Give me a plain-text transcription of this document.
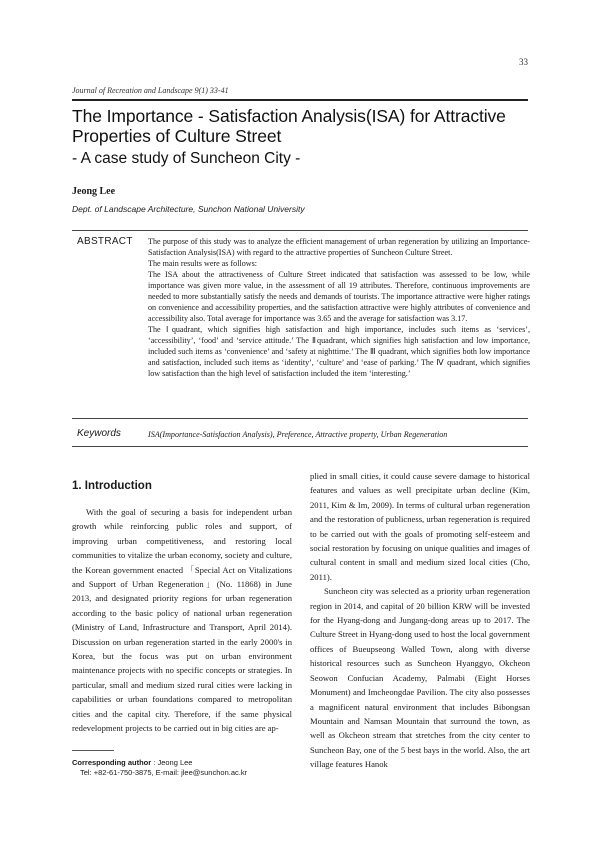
33
Journal of Recreation and Landscape 9(1) 33-41
The Importance - Satisfaction Analysis(ISA) for Attractive Properties of Culture Street
- A case study of Suncheon City -
Jeong Lee
Dept. of Landscape Architecture, Sunchon National University
ABSTRACT The purpose of this study was to analyze the efficient management of urban regeneration by utilizing an Importance-Satisfaction Analysis(ISA) with regard to the attractive properties of Suncheon Culture Street.

The main results were as follows:

The ISA about the attractiveness of Culture Street indicated that satisfaction was assessed to be low, while importance was given more value, in the assessment of all 19 attributes. Therefore, continuous improvements are needed to more substantially satisfy the needs and demands of tourists. The importance attractive were higher ratings on convenience and accessibility properties, and the satisfaction attractive were highly attributes of convenience and accessibility also. Total average for importance was 3.65 and the average for satisfaction was 3.17.

The Ⅰquadrant, which signifies high satisfaction and high importance, includes such items as ‘services’, ‘accessibility’, ‘food’ and ‘service attitude.’ The Ⅱquadrant, which signifies high satisfaction and low importance, included such items as ‘convenience’ and ‘safety at nighttime.’ The Ⅲ quadrant, which signifies both low importance and satisfaction, included such items as ‘identity’, ‘culture’ and ‘ease of parking.’ The Ⅳ quadrant, which signifies low satisfaction than the high level of satisfaction included the item ‘interesting.’

Keywords	ISA(Importance-Satisfaction Analysis), Preference, Attractive property, Urban Regeneration
1. Introduction

With the goal of securing a basis for independent urban growth while reinforcing public roles and support, of improving urban competitiveness, and restoring local communities to vitalize the urban economy, society and culture, the Korean government enacted 「Special Act on Vitalizations and Support of Urban Regeneration」(No. 11868) in June 2013, and designated priority regions for urban regeneration according to the basic policy of national urban regeneration (Ministry of Land, Infrastructure and Transport, April 2014). Discussion on urban regeneration started in the early 2000's in Korea, but the focus was put on urban environment maintenance projects with no specific concepts or strategies. In particular, small and medium sized rural cities were lacking in capabilities or urban foundations compared to metropolitan cities and the capital city. Therefore, if the same physical redevelopment projects to be carried out in big cities are ap-

plied in small cities, it could cause severe damage to historical features and values as well precipitate urban decline (Kim, 2011, Kim & Im, 2009). In terms of cultural urban regeneration and the restoration of publicness, urban regeneration is required to be carried out with the goals of promoting self-esteem and social restoration by focusing on unique qualities and images of cultural content in small and medium sized local cities (Cho, 2011).

Suncheon city was selected as a priority urban regeneration region in 2014, and capital of 20 billion KRW will be invested for the Hyang-dong and Jungang-dong areas up to 2017. The Culture Street in Hyang-dong used to host the local government offices of Bueupseong Walled Town, along with diverse historical resources such as Suncheon Hyanggyo, Okcheon Seowon Confucian Academy, Palmabi (Eight Horses Monument) and Imcheongdae Pavilion. The city also possesses a magnificent natural environment that includes Bibongsan Mountain and Namsan Mountain that surround the town, as well as Okcheon stream that stretches from the city center to Suncheon Bay, one of the 5 best bays in the world. Also, the art village features Hanok

Corresponding author : Jeong Lee
Tel: +82-61-750-3875, E-mail: jlee@sunchon.ac.kr
